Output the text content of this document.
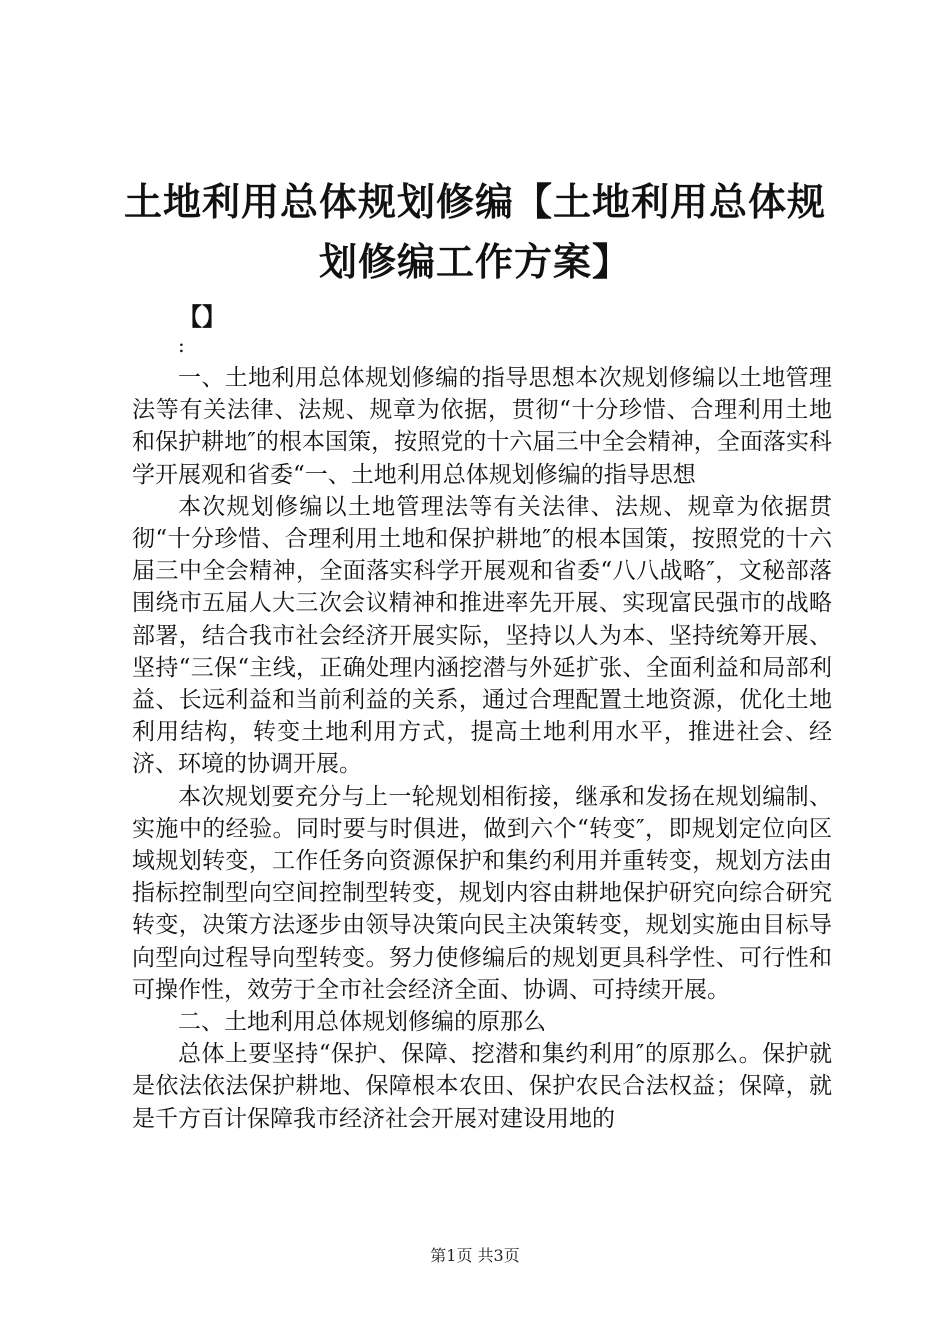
土地利用总体规划修编【土地利用总体规划修编工作方案】
【】
:

一、土地利用总体规划修编的指导思想本次规划修编以土地管理法等有关法律、法规、规章为依据，贯彻“十分珍惜、合理利用土地和保护耕地″的根本国策，按照党的十六届三中全会精神，全面落实科学开展观和省委“一、土地利用总体规划修编的指导思想

本次规划修编以土地管理法等有关法律、法规、规章为依据贯彻“十分珍惜、合理利用土地和保护耕地″的根本国策，按照党的十六届三中全会精神，全面落实科学开展观和省委“八八战略″，文秘部落围绕市五届人大三次会议精神和推进率先开展、实现富民强市的战略部署，结合我市社会经济开展实际，坚持以人为本、坚持统筹开展、坚持“三保“主线，正确处理内涵挖潜与外延扩张、全面利益和局部利益、长远利益和当前利益的关系，通过合理配置土地资源，优化土地利用结构，转变土地利用方式，提高土地利用水平，推进社会、经济、环境的协调开展。

本次规划要充分与上一轮规划相衔接，继承和发扬在规划编制、实施中的经验。同时要与时俱进，做到六个“转变″，即规划定位向区域规划转变，工作任务向资源保护和集约利用并重转变，规划方法由指标控制型向空间控制型转变，规划内容由耕地保护研究向综合研究转变，决策方法逐步由领导决策向民主决策转变，规划实施由目标导向型向过程导向型转变。努力使修编后的规划更具科学性、可行性和可操作性，效劳于全市社会经济全面、协调、可持续开展。

二、土地利用总体规划修编的原那么

总体上要坚持“保护、保障、挖潜和集约利用″的原那么。保护就是依法依法保护耕地、保障根本农田、保护农民合法权益；保障，就是千方百计保障我市经济社会开展对建设用地的

第1页 共3页
